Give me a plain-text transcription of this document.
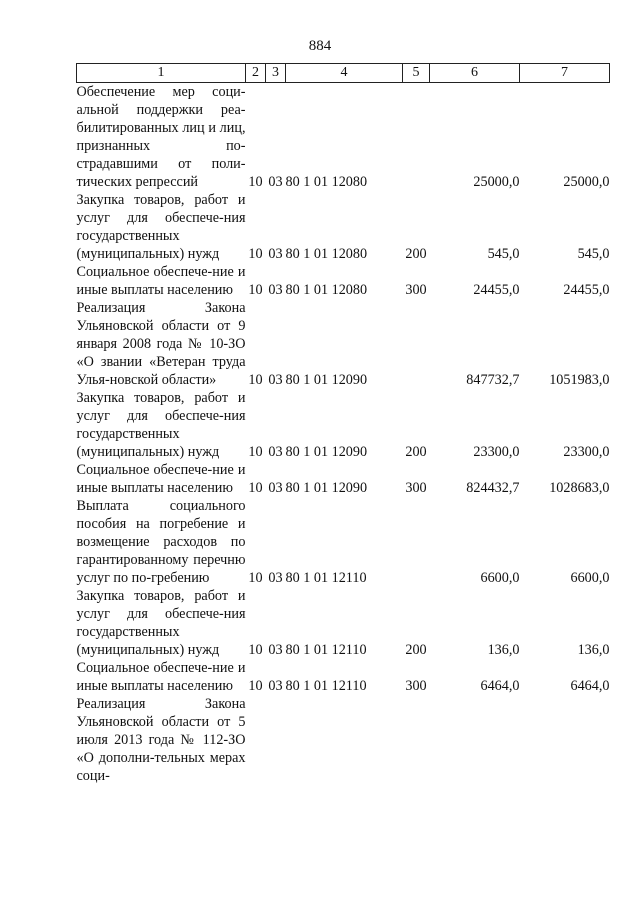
884
1	2	3	4	5	6	7
Обеспечение мер соци-альной поддержки реа-билитированных лиц и лиц, признанных по-страдавшими от поли-тических репрессий	10	03	80 1 01 12080		25000,0	25000,0
Закупка товаров, работ и услуг для обеспече-ния государственных (муниципальных) нужд	10	03	80 1 01 12080	200	545,0	545,0
Социальное обеспече-ние и иные выплаты населению	10	03	80 1 01 12080	300	24455,0	24455,0
Реализация Закона Ульяновской области от 9 января 2008 года № 10-ЗО «О звании «Ветеран труда Улья-новской области»	10	03	80 1 01 12090		847732,7	1051983,0
Закупка товаров, работ и услуг для обеспече-ния государственных (муниципальных) нужд	10	03	80 1 01 12090	200	23300,0	23300,0
Социальное обеспече-ние и иные выплаты населению	10	03	80 1 01 12090	300	824432,7	1028683,0
Выплата социального пособия на погребение и возмещение расходов по гарантированному перечню услуг по по-гребению	10	03	80 1 01 12110		6600,0	6600,0
Закупка товаров, работ и услуг для обеспече-ния государственных (муниципальных) нужд	10	03	80 1 01 12110	200	136,0	136,0
Социальное обеспече-ние и иные выплаты населению	10	03	80 1 01 12110	300	6464,0	6464,0
Реализация Закона Ульяновской области от 5 июля 2013 года № 112-ЗО «О дополни-тельных мерах соци-						
